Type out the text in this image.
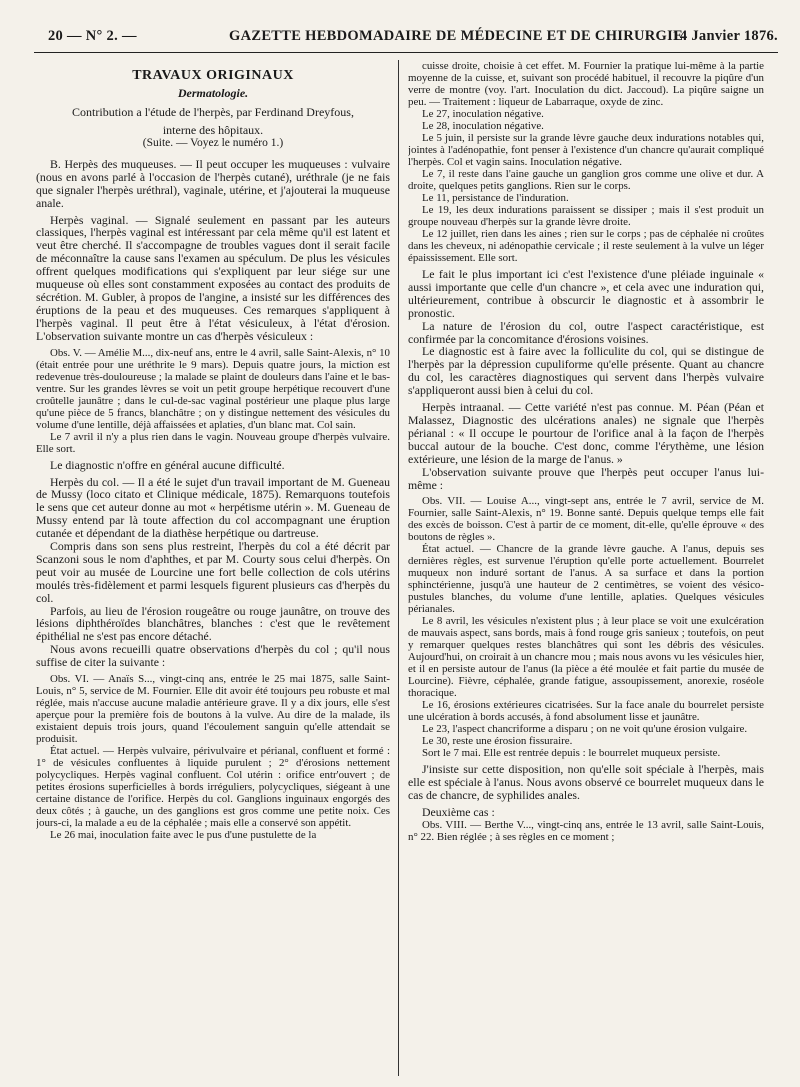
20 — N° 2. —	GAZETTE HEBDOMADAIRE DE MÉDECINE ET DE CHIRURGIE.
14 Janvier 1876.
TRAVAUX ORIGINAUX
Dermatologie.
Contribution a l'étude de l'herpès, par Ferdinand Dreyfous,
interne des hôpitaux.
(Suite. — Voyez le numéro 1.)

B. Herpès des muqueuses. — Il peut occuper les muqueuses : vulvaire (nous en avons parlé à l'occasion de l'herpès cutané), uréthrale (je ne fais que signaler l'herpès uréthral), vaginale, utérine, et j'ajouterai la muqueuse anale.

Herpès vaginal. — Signalé seulement en passant par les auteurs classiques, l'herpès vaginal est intéressant par cela même qu'il est latent et veut être cherché. Il s'accompagne de troubles vagues dont il serait facile de méconnaître la cause sans l'examen au spéculum. De plus les vésicules offrent quelques modifications qui s'expliquent par leur siége sur une muqueuse où elles sont constamment exposées au contact des produits de sécrétion. M. Gubler, à propos de l'angine, a insisté sur les différences des éruptions de la peau et des muqueuses. Ces remarques s'appliquent à l'herpès vaginal. Il peut être à l'état vésiculeux, à l'état d'érosion. L'observation suivante montre un cas d'herpès vésiculeux :

Obs. V. — Amélie M..., dix-neuf ans, entre le 4 avril, salle Saint-Alexis, n° 10 (était entrée pour une uréthrite le 9 mars). Depuis quatre jours, la miction est redevenue très-douloureuse ; la malade se plaint de douleurs dans l'aine et le bas-ventre. Sur les grandes lèvres se voit un petit groupe herpétique recouvert d'une croûtelle jaunâtre ; dans le cul-de-sac vaginal postérieur une plaque plus large qu'une pièce de 5 francs, blanchâtre ; on y distingue nettement des vésicules du volume d'une lentille, déjà affaissées et aplaties, d'un blanc mat. Col sain.

Le 7 avril il n'y a plus rien dans le vagin. Nouveau groupe d'herpès vulvaire. Elle sort.

Le diagnostic n'offre en général aucune difficulté.

Herpès du col. — Il a été le sujet d'un travail important de M. Gueneau de Mussy (loco citato et Clinique médicale, 1875). Remarquons toutefois le sens que cet auteur donne au mot « herpétisme utérin ». M. Gueneau de Mussy entend par là toute affection du col accompagnant une éruption cutanée et dépendant de la diathèse herpétique ou dartreuse.

Compris dans son sens plus restreint, l'herpès du col a été décrit par Scanzoni sous le nom d'aphthes, et par M. Courty sous celui d'herpès. On peut voir au musée de Lourcine une fort belle collection de cols utérins moulés très-fidèlement et parmi lesquels figurent plusieurs cas d'herpès du col.

Parfois, au lieu de l'érosion rougeâtre ou rouge jaunâtre, on trouve des lésions diphthéroïdes blanchâtres, blanches : c'est que le revêtement épithélial ne s'est pas encore détaché.

Nous avons recueilli quatre observations d'herpès du col ; qu'il nous suffise de citer la suivante :

Obs. VI. — Anaïs S..., vingt-cinq ans, entrée le 25 mai 1875, salle Saint-Louis, n° 5, service de M. Fournier. Elle dit avoir été toujours peu robuste et mal réglée, mais n'accuse aucune maladie antérieure grave. Il y a dix jours, elle s'est aperçue pour la première fois de boutons à la vulve. Au dire de la malade, ils existaient depuis trois jours, quand l'écoulement sanguin qu'elle attendait se produisit.

État actuel. — Herpès vulvaire, périvulvaire et périanal, confluent et formé : 1° de vésicules confluentes à liquide purulent ; 2° d'érosions nettement polycycliques. Herpès vaginal confluent. Col utérin : orifice entr'ouvert ; de petites érosions superficielles à bords irréguliers, polycycliques, siégeant à une certaine distance de l'orifice. Herpès du col. Ganglions inguinaux engorgés des deux côtés ; à gauche, un des ganglions est gros comme une petite noix. Ces jours-ci, la malade a eu de la céphalée ; mais elle a conservé son appétit.

Le 26 mai, inoculation faite avec le pus d'une pustulette de la

cuisse droite, choisie à cet effet. M. Fournier la pratique lui-même à la partie moyenne de la cuisse, et, suivant son procédé habituel, il recouvre la piqûre d'un verre de montre (voy. l'art. Inoculation du dict. Jaccoud). La piqûre saigne un peu. — Traitement : liqueur de Labarraque, oxyde de zinc.

Le 27, inoculation négative.

Le 28, inoculation négative.

Le 5 juin, il persiste sur la grande lèvre gauche deux indurations notables qui, jointes à l'adénopathie, font penser à l'existence d'un chancre qu'aurait compliqué l'herpès. Col et vagin sains. Inoculation négative.

Le 7, il reste dans l'aine gauche un ganglion gros comme une olive et dur. A droite, quelques petits ganglions. Rien sur le corps.

Le 11, persistance de l'induration.

Le 19, les deux indurations paraissent se dissiper ; mais il s'est produit un groupe nouveau d'herpès sur la grande lèvre droite.

Le 12 juillet, rien dans les aines ; rien sur le corps ; pas de céphalée ni croûtes dans les cheveux, ni adénopathie cervicale ; il reste seulement à la vulve un léger épaississement. Elle sort.

Le fait le plus important ici c'est l'existence d'une pléiade inguinale « aussi importante que celle d'un chancre », et cela avec une induration qui, ultérieurement, contribue à obscurcir le diagnostic et à assombrir le pronostic.

La nature de l'érosion du col, outre l'aspect caractéristique, est confirmée par la concomitance d'érosions voisines.

Le diagnostic est à faire avec la folliculite du col, qui se distingue de l'herpès par la dépression cupuliforme qu'elle présente. Quant au chancre du col, les caractères diagnostiques qui servent dans l'herpès vulvaire s'appliqueront aussi bien à celui du col.

Herpès intraanal. — Cette variété n'est pas connue. M. Péan (Péan et Malassez, Diagnostic des ulcérations anales) ne signale que l'herpès périanal : « Il occupe le pourtour de l'orifice anal à la façon de l'herpès buccal autour de la bouche. C'est donc, comme l'érythème, une lésion extérieure, une lésion de la marge de l'anus. »

L'observation suivante prouve que l'herpès peut occuper l'anus lui-même :

Obs. VII. — Louise A..., vingt-sept ans, entrée le 7 avril, service de M. Fournier, salle Saint-Alexis, n° 19. Bonne santé. Depuis quelque temps elle fait des excès de boisson. C'est à partir de ce moment, dit-elle, qu'elle éprouve « des boutons de règles ».

État actuel. — Chancre de la grande lèvre gauche. A l'anus, depuis ses dernières règles, est survenue l'éruption qu'elle porte actuellement. Bourrelet muqueux non induré sortant de l'anus. A sa surface et dans la portion sphinctérienne, jusqu'à une hauteur de 2 centimètres, se voient des vésico-pustules blanches, du volume d'une lentille, aplaties. Quelques vésicules périanales.

Le 8 avril, les vésicules n'existent plus ; à leur place se voit une exulcération de mauvais aspect, sans bords, mais à fond rouge gris sanieux ; toutefois, on peut y remarquer quelques restes blanchâtres qui sont les débris des vésicules. Aujourd'hui, on croirait à un chancre mou ; mais nous avons vu les vésicules hier, et il en persiste autour de l'anus (la pièce a été moulée et fait partie du musée de Lourcine). Fièvre, céphalée, grande fatigue, assoupissement, anorexie, roséole thoracique.

Le 16, érosions extérieures cicatrisées. Sur la face anale du bourrelet persiste une ulcération à bords accusés, à fond absolument lisse et jaunâtre.

Le 23, l'aspect chancriforme a disparu ; on ne voit qu'une érosion vulgaire.

Le 30, reste une érosion fissuraire.

Sort le 7 mai. Elle est rentrée depuis : le bourrelet muqueux persiste.

J'insiste sur cette disposition, non qu'elle soit spéciale à l'herpès, mais elle est spéciale à l'anus. Nous avons observé ce bourrelet muqueux dans le cas de chancre, de syphilides anales.

Deuxième cas :

Obs. VIII. — Berthe V..., vingt-cinq ans, entrée le 13 avril, salle Saint-Louis, n° 22. Bien réglée ; à ses règles en ce moment ;
